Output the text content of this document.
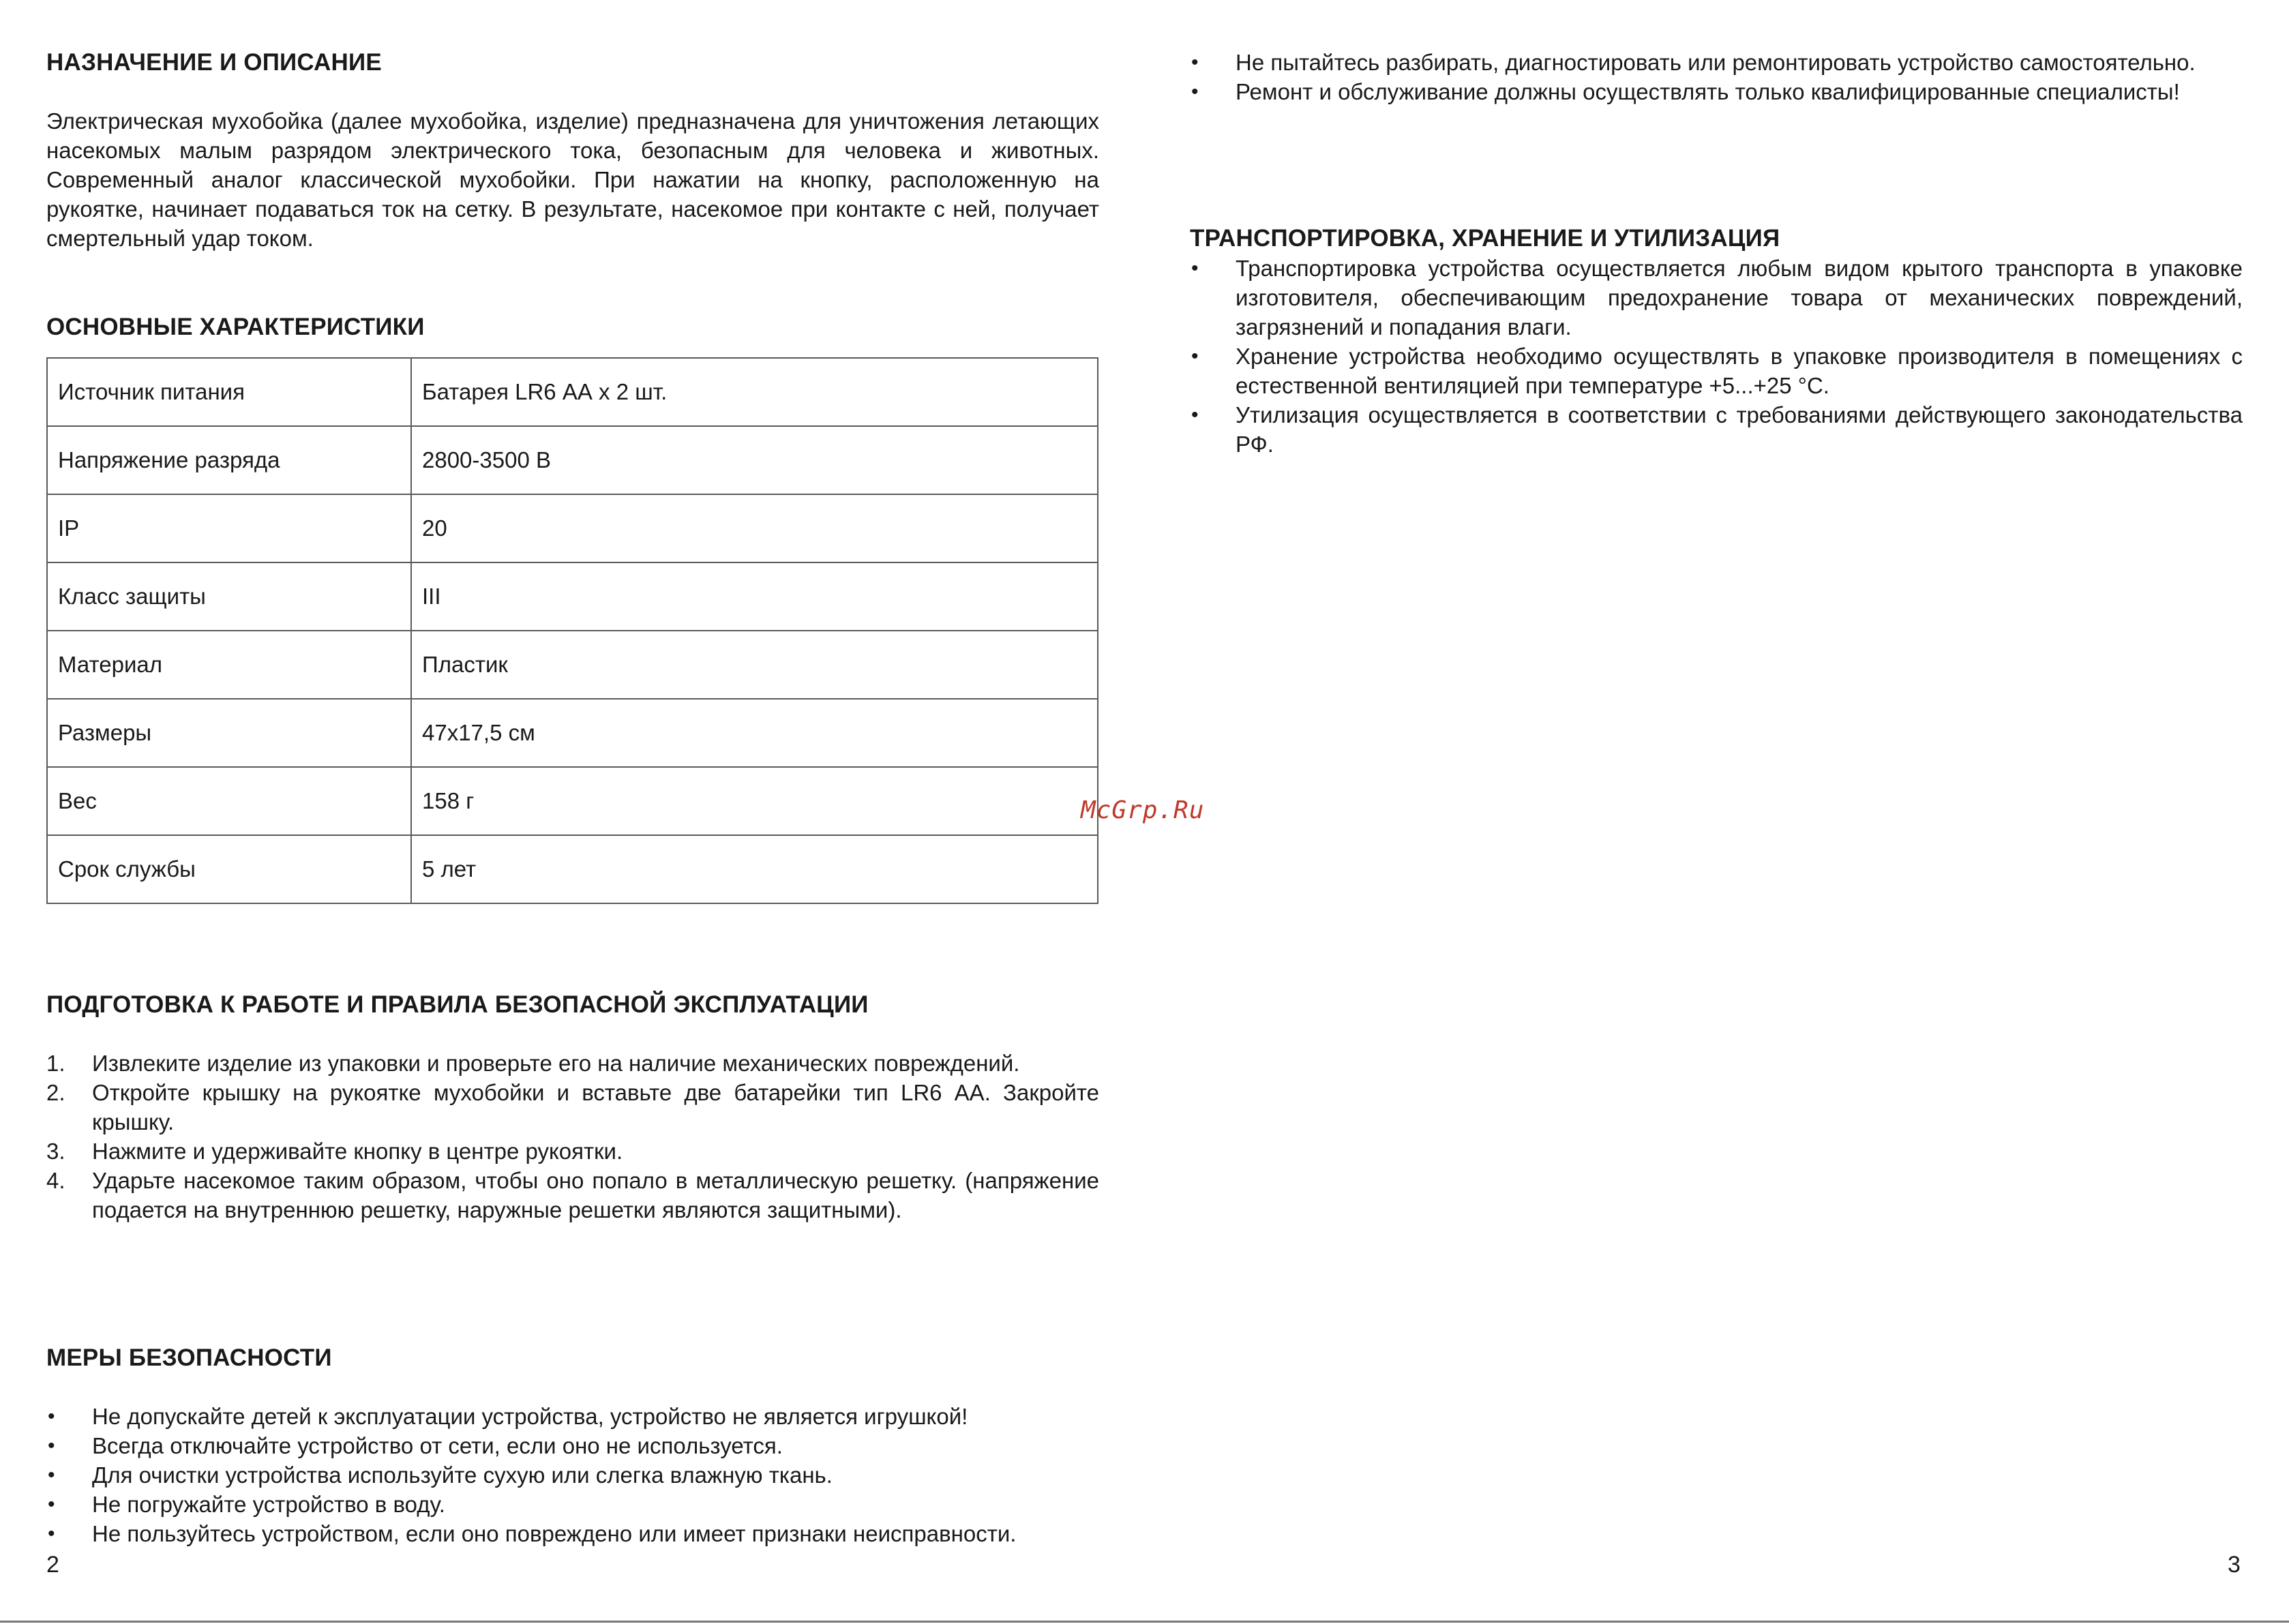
НАЗНАЧЕНИЕ И ОПИСАНИЕ

Электрическая мухобойка (далее мухобойка, изделие) предназначена для уничтожения летающих насекомых малым разрядом электрического тока, безопасным для человека и животных. Современный аналог классической мухобойки. При нажатии на кнопку, расположенную на рукоятке, начинает подаваться ток на сетку. В результате, насекомое при контакте с ней, получает смертельный удар током.

ОСНОВНЫЕ ХАРАКТЕРИСТИКИ
Источник питания	Батарея LR6 АА x 2 шт.
Напряжение разряда	2800-3500 В
IP	20
Класс защиты	III
Материал	Пластик
Размеры	47x17,5 см
Вес	158 г
Срок службы	5 лет
ПОДГОТОВКА К РАБОТЕ И ПРАВИЛА БЕЗОПАСНОЙ ЭКСПЛУАТАЦИИ
1. Извлеките изделие из упаковки и проверьте его на наличие механических повреждений.
2. Откройте крышку на рукоятке мухобойки и вставьте две батарейки тип LR6 АА. Закройте крышку.
3. Нажмите и удерживайте кнопку в центре рукоятки.
4. Ударьте насекомое таким образом, чтобы оно попало в металлическую решетку. (напряжение подается на внутреннюю решетку, наружные решетки являются защитными).
МЕРЫ БЕЗОПАСНОСТИ
• Не допускайте детей к эксплуатации устройства, устройство не является игрушкой!
• Всегда отключайте устройство от сети, если оно не используется.
• Для очистки устройства используйте сухую или слегка влажную ткань.
• Не погружайте устройство в воду.
• Не пользуйтесь устройством, если оно повреждено или имеет признаки неисправности.
2
• Не пытайтесь разбирать, диагностировать или ремонтировать устройство самостоятельно.
• Ремонт и обслуживание должны осуществлять только квалифицированные специалисты!
ТРАНСПОРТИРОВКА, ХРАНЕНИЕ И УТИЛИЗАЦИЯ
• Транспортировка устройства осуществляется любым видом крытого транспорта в упаковке изготовителя, обеспечивающим предохранение товара от механических повреждений, загрязнений и попадания влаги.
• Хранение устройства необходимо осуществлять в упаковке производителя в помещениях с естественной вентиляцией при температуре +5...+25 °С.
• Утилизация осуществляется в соответствии с требованиями действующего законодательства РФ.
3
McGrp.Ru
